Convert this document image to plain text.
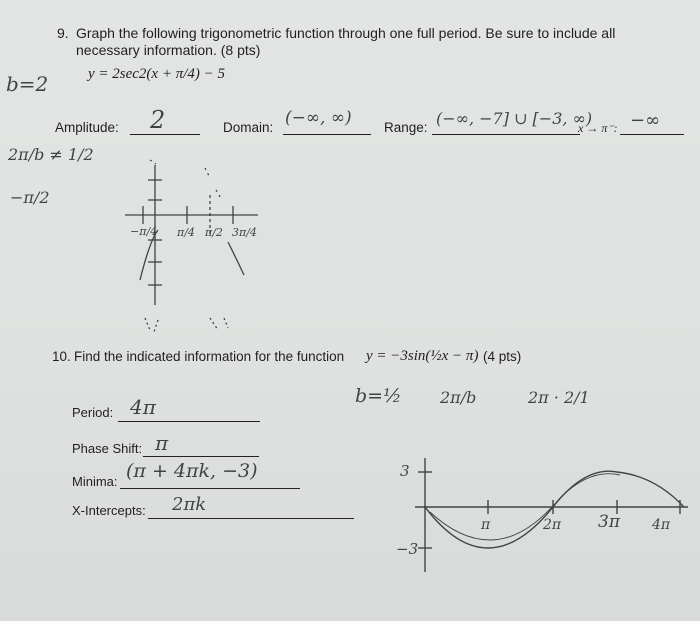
9. Graph the following trigonometric function through one full period. Be sure to include all
necessary information. (8 pts)
b=2	y = 2sec2(x + π/4) − 5
Amplitude: 2	Domain: (−∞, ∞) Range: (−∞, −7] ∪ [−3, ∞)
x → π⁻: −∞
2π/b ≠ 1/2
−π/2
−π/4 π/4 π/2 3π/4
10. Find the indicated information for the function y = −3sin(½x − π) (4 pts)
b=½ 2π/b	2π · 2/1
Period: 4π
Phase Shift: π
Minima: (π + 4πk, −3)
X-Intercepts: 2πk
3
−3
π	2π 3π 4π
